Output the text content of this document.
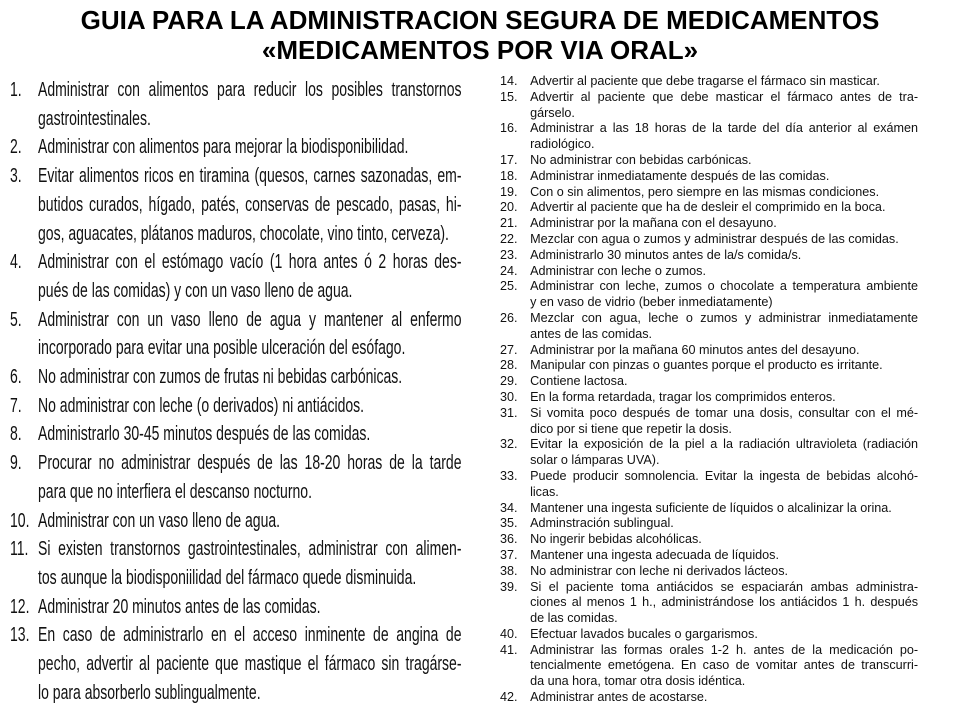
GUIA PARA LA ADMINISTRACION SEGURA DE MEDICAMENTOS
«MEDICAMENTOS POR VIA ORAL»
1. Administrar con alimentos para reducir los posibles transtornos
gastrointestinales.
2. Administrar con alimentos para mejorar la biodisponibilidad.
3. Evitar alimentos ricos en tiramina (quesos, carnes sazonadas, em-
butidos curados, hígado, patés, conservas de pescado, pasas, hi-
gos, aguacates, plátanos maduros, chocolate, vino tinto, cerveza).
4. Administrar con el estómago vacío (1 hora antes ó 2 horas des-
pués de las comidas) y con un vaso lleno de agua.
5. Administrar con un vaso lleno de agua y mantener al enfermo
incorporado para evitar una posible ulceración del esófago.
6. No administrar con zumos de frutas ni bebidas carbónicas.
7. No administrar con leche (o derivados) ni antiácidos.
8. Administrarlo 30-45 minutos después de las comidas.
9. Procurar no administrar después de las 18-20 horas de la tarde
para que no interfiera el descanso nocturno.
10. Administrar con un vaso lleno de agua.
11. Si existen transtornos gastrointestinales, administrar con alimen-
tos aunque la biodisponiilidad del fármaco quede disminuida.
12. Administrar 20 minutos antes de las comidas.
13. En caso de administrarlo en el acceso inminente de angina de
pecho, advertir al paciente que mastique el fármaco sin tragárse-
lo para absorberlo sublingualmente.
14. Advertir al paciente que debe tragarse el fármaco sin masticar.
15. Advertir al paciente que debe masticar el fármaco antes de tra-
gárselo.
16. Administrar a las 18 horas de la tarde del día anterior al exámen
radiológico.
17. No administrar con bebidas carbónicas.
18. Administrar inmediatamente después de las comidas.
19. Con o sin alimentos, pero siempre en las mismas condiciones.
20. Advertir al paciente que ha de desleir el comprimido en la boca.
21. Administrar por la mañana con el desayuno.
22. Mezclar con agua o zumos y administrar después de las comidas.
23. Administrarlo 30 minutos antes de la/s comida/s.
24. Administrar con leche o zumos.
25. Administrar con leche, zumos o chocolate a temperatura ambiente
y en vaso de vidrio (beber inmediatamente)
26. Mezclar con agua, leche o zumos y administrar inmediatamente
antes de las comidas.
27. Administrar por la mañana 60 minutos antes del desayuno.
28. Manipular con pinzas o guantes porque el producto es irritante.
29. Contiene lactosa.
30. En la forma retardada, tragar los comprimidos enteros.
31. Si vomita poco después de tomar una dosis, consultar con el mé-
dico por si tiene que repetir la dosis.
32. Evitar la exposición de la piel a la radiación ultravioleta (radiación
solar o lámparas UVA).
33. Puede producir somnolencia. Evitar la ingesta de bebidas alcohó-
licas.
34. Mantener una ingesta suficiente de líquidos o alcalinizar la orina.
35. Adminstración sublingual.
36. No ingerir bebidas alcohólicas.
37. Mantener una ingesta adecuada de líquidos.
38. No administrar con leche ni derivados lácteos.
39. Si el paciente toma antiácidos se espaciarán ambas administra-
ciones al menos 1 h., administrándose los antiácidos 1 h. después
de las comidas.
40. Efectuar lavados bucales o gargarismos.
41. Administrar las formas orales 1-2 h. antes de la medicación po-
tencialmente emetógena. En caso de vomitar antes de transcurri-
da una hora, tomar otra dosis idéntica.
42. Administrar antes de acostarse.
